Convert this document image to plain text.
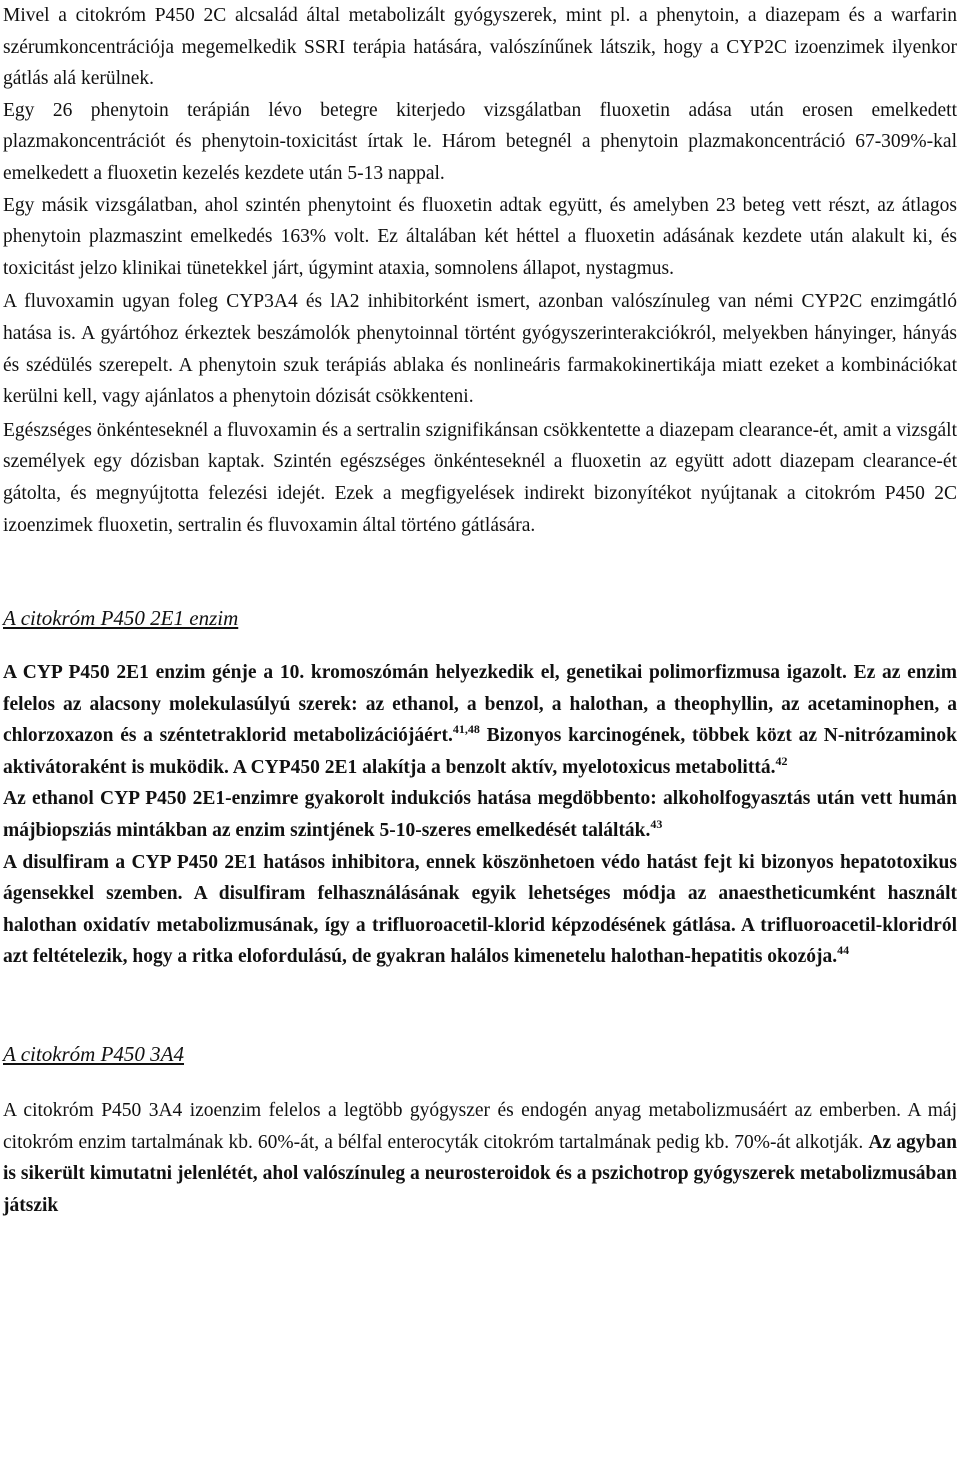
Mivel a citokróm P450 2C alcsalád által metabolizált gyógyszerek, mint pl. a phenytoin, a diazepam és a warfarin szérumkoncentrációja megemelkedik SSRI terápia hatására, valószínűnek látszik, hogy a CYP2C izoenzimek ilyenkor gátlás alá kerülnek.

Egy 26 phenytoin terápián lévo betegre kiterjedo vizsgálatban fluoxetin adása után erosen emelkedett plazmakoncentrációt és phenytoin-toxicitást írtak le. Három betegnél a phenytoin plazmakoncentráció 67-309%-kal emelkedett a fluoxetin kezelés kezdete után 5-13 nappal.

Egy másik vizsgálatban, ahol szintén phenytoint és fluoxetin adtak együtt, és amelyben 23 beteg vett részt, az átlagos phenytoin plazmaszint emelkedés 163% volt. Ez általában két héttel a fluoxetin adásának kezdete után alakult ki, és toxicitást jelzo klinikai tünetekkel járt, úgymint ataxia, somnolens állapot, nystagmus.

A fluvoxamin ugyan foleg CYP3A4 és lA2 inhibitorként ismert, azonban valószínuleg van némi CYP2C enzimgátló hatása is. A gyártóhoz érkeztek beszámolók phenytoinnal történt gyógyszerinterakciókról, melyekben hányinger, hányás és szédülés szerepelt. A phenytoin szuk terápiás ablaka és nonlineáris farmakokinertikája miatt ezeket a kombinációkat kerülni kell, vagy ajánlatos a phenytoin dózisát csökkenteni.

Egészséges önkénteseknél a fluvoxamin és a sertralin szignifikánsan csökkentette a diazepam clearance-ét, amit a vizsgált személyek egy dózisban kaptak. Szintén egészséges önkénteseknél a fluoxetin az együtt adott diazepam clearance-ét gátolta, és megnyújtotta felezési idejét. Ezek a megfigyelések indirekt bizonyítékot nyújtanak a citokróm P450 2C izoenzimek fluoxetin, sertralin és fluvoxamin által történo gátlására.

A citokróm P450 2E1 enzim

A CYP P450 2E1 enzim génje a 10. kromoszómán helyezkedik el, genetikai polimorfizmusa igazolt. Ez az enzim felelos az alacsony molekulasúlyú szerek: az ethanol, a benzol, a halothan, a theophyllin, az acetaminophen, a chlorzoxazon és a széntetraklorid metabolizációjáért.$^{41,48}$ Bizonyos karcinogének, többek közt az N-nitrózaminok aktivátoraként is muködik. A CYP450 2E1 alakítja a benzolt aktív, myelotoxicus metabolittá.$^{42}$

Az ethanol CYP P450 2E1-enzimre gyakorolt indukciós hatása megdöbbento: alkoholfogyasztás után vett humán májbiopsziás mintákban az enzim szintjének 5-10-szeres emelkedését találták.$^{43}$

A disulfiram a CYP P450 2E1 hatásos inhibitora, ennek köszönhetoen védo hatást fejt ki bizonyos hepatotoxikus ágensekkel szemben. A disulfiram felhasználásának egyik lehetséges módja az anaestheticumként használt halothan oxidatív metabolizmusának, így a trifluoroacetil-klorid képzodésének gátlása. A trifluoroacetil-kloridról azt feltételezik, hogy a ritka elofordulású, de gyakran halálos kimenetelu halothan-hepatitis okozója.$^{44}$

A citokróm P450 3A4

A citokróm P450 3A4 izoenzim felelos a legtöbb gyógyszer és endogén anyag metabolizmusáért az emberben. A máj citokróm enzim tartalmának kb. 60%-át, a bélfal enterocyták citokróm tartalmának pedig kb. 70%-át alkotják. Az agyban is sikerült kimutatni jelenlétét, ahol valószínuleg a neurosteroidok és a pszichotrop gyógyszerek metabolizmusában játszik
